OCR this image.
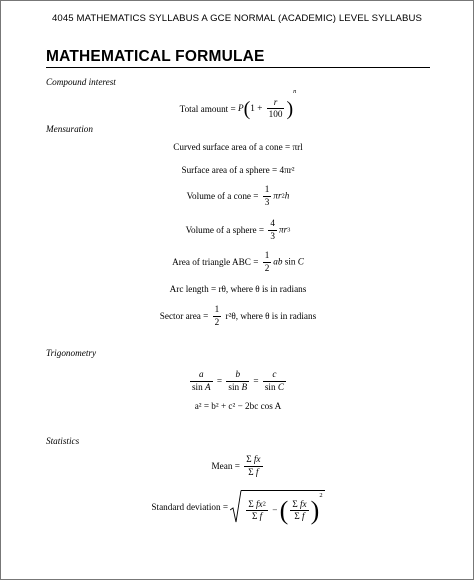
4045 MATHEMATICS SYLLABUS A GCE NORMAL (ACADEMIC) LEVEL SYLLABUS
MATHEMATICAL FORMULAE
Compound interest
Total amount = $P(1 + \frac{r}{100} )^n$
Mensuration
Curved surface area of a cone = πrl
Surface area of a sphere = 4πr²
Volume of a cone = $\frac{1}{3} \pi r2h$
Volume of a sphere = $\frac{4}{3} \pi r3$
Area of triangle ABC = $\frac{1}{2}$ ab sin C
Arc length = rθ, where θ is in radians
Sector area = $\frac{1}{2} r^2\theta$, where θ is in radians
Trigonometry
$\frac{a}{\text{sin A}} = \frac{b}{\text{sin B}} = \frac{c}{\text{sin C}}$
a² = b² + c² − 2bc cos A
Statistics
Mean = $\frac{\text{Σ fx}}{\text{Σ f}}$
Standard deviation = $\frac{\text{Σ fx2}}{\text{Σ f}}$ − ( $\frac{\text{Σ fx}}{\text{Σ f}} )^2$
